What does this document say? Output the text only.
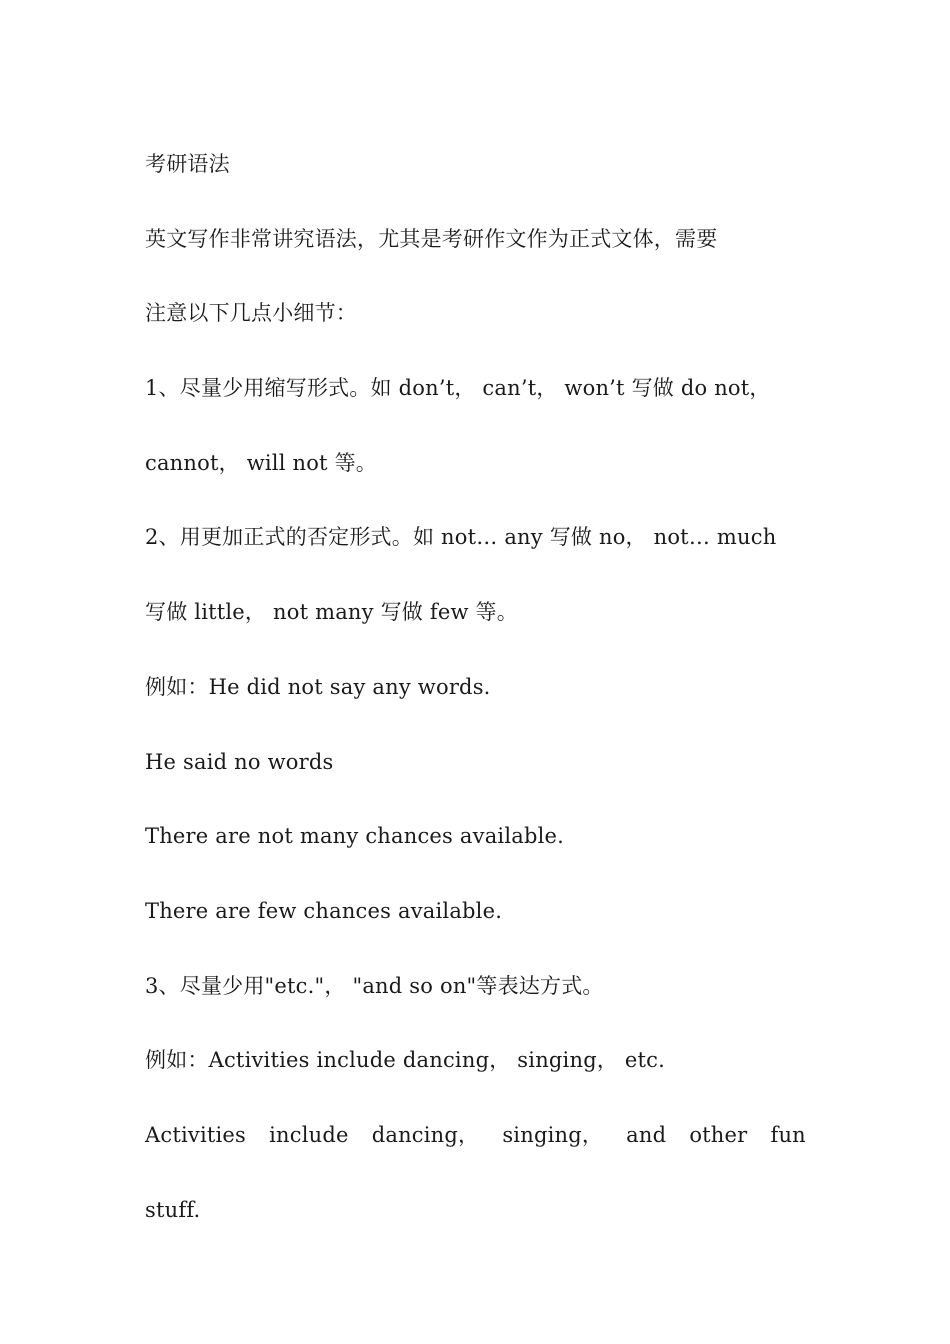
考研语法
英文写作非常讲究语法，尤其是考研作文作为正式文体，需要
注意以下几点小细节：
1、尽量少用缩写形式。如 don’t， can’t， won’t 写做 do not，
cannot， will not 等。
2、用更加正式的否定形式。如 not… any 写做 no， not… much
写做 little， not many 写做 few 等。
例如：He did not say any words.
He said no words
There are not many chances available.
There are few chances available.
3、尽量少用"etc."， "and so on"等表达方式。
例如：Activities include dancing， singing， etc.
Activities include dancing， singing， and other fun
stuff.
